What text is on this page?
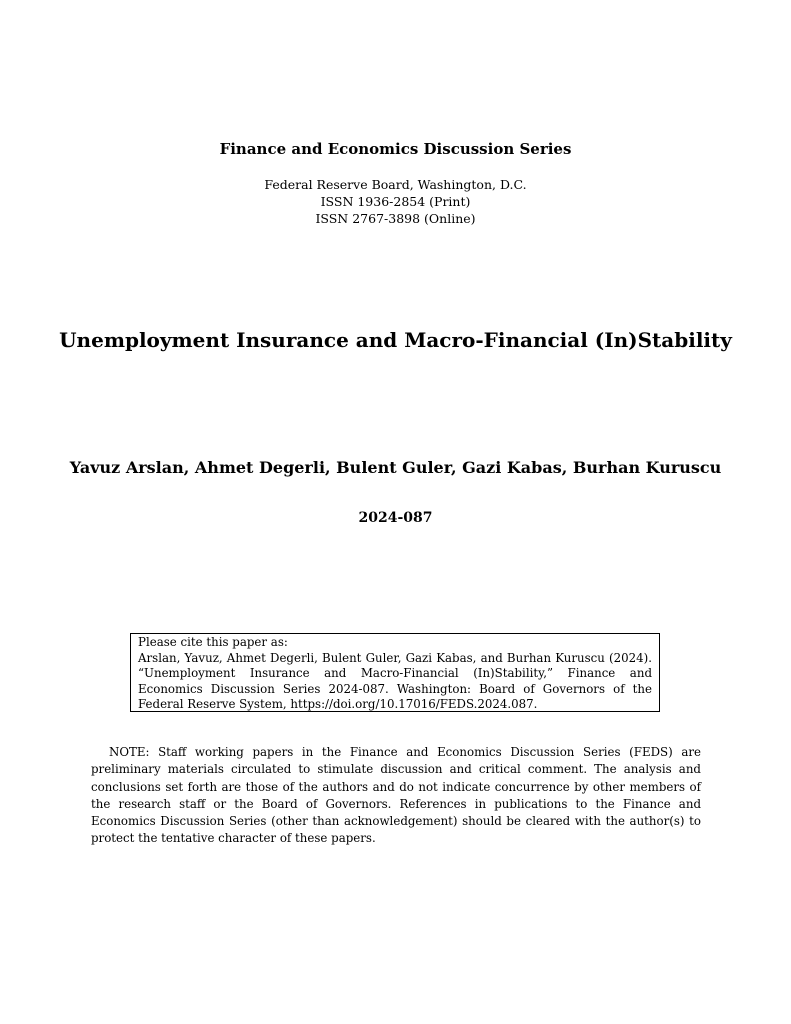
Finance and Economics Discussion Series
Federal Reserve Board, Washington, D.C.
ISSN 1936-2854 (Print)
ISSN 2767-3898 (Online)
Unemployment Insurance and Macro-Financial (In)Stability
Yavuz Arslan, Ahmet Degerli, Bulent Guler, Gazi Kabas, Burhan Kuruscu
2024-087
Please cite this paper as:
Arslan, Yavuz, Ahmet Degerli, Bulent Guler, Gazi Kabas, and Burhan Kuruscu (2024). “Unemployment Insurance and Macro-Financial (In)Stability,” Finance and Economics Discussion Series 2024-087. Washington: Board of Governors of the Federal Reserve System, https://doi.org/10.17016/FEDS.2024.087.
NOTE: Staff working papers in the Finance and Economics Discussion Series (FEDS) are preliminary materials circulated to stimulate discussion and critical comment. The analysis and conclusions set forth are those of the authors and do not indicate concurrence by other members of the research staff or the Board of Governors. References in publications to the Finance and Economics Discussion Series (other than acknowledgement) should be cleared with the author(s) to protect the tentative character of these papers.
